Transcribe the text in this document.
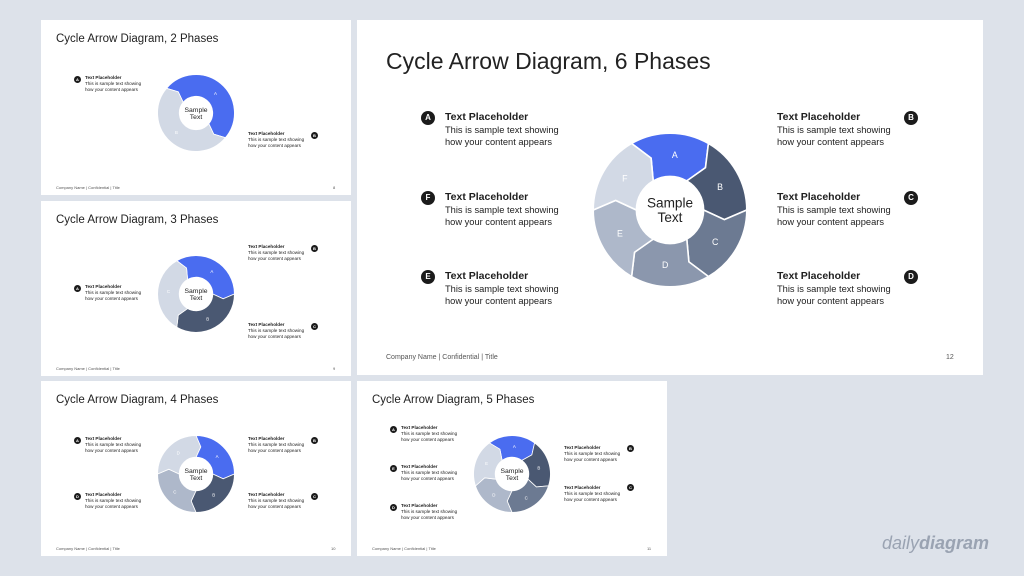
Cycle Arrow Diagram, 2 Phases
A
B
Sample
Text
A	Text Placeholder
This is sample text showing
how your content appears
B
Text Placeholder
This is sample text showing
how your content appears
Company Name | Confidential | Title	8
Cycle Arrow Diagram, 3 Phases
A
B
C Sample
Text
A	Text Placeholder
This is sample text showing
how your content appears
B
Text Placeholder
This is sample text showing
how your content appears
C
Text Placeholder
This is sample text showing
how your content appears
Company Name | Confidential | Title	9
Cycle Arrow Diagram, 4 Phases
A
B
C
D
Sample
Text
A	Text Placeholder
This is sample text showing
how your content appears
B
Text Placeholder
This is sample text showing
how your content appears
C
Text Placeholder
This is sample text showing
how your content appears
D	Text Placeholder
This is sample text showing
how your content appears
Company Name | Confidential | Title	10
Cycle Arrow Diagram, 5 Phases
A
B
C
D
E
Sample
Text
A	Text Placeholder
This is sample text showing
how your content appears
B
Text Placeholder
This is sample text showing
how your content appears
C
Text Placeholder
This is sample text showing
how your content appears
D	Text Placeholder
This is sample text showing
how your content appears
E	Text Placeholder
This is sample text showing
how your content appears
Company Name | Confidential | Title	11
Cycle Arrow Diagram, 6 Phases
A
B
C
D
E
F
Sample
Text
A	Text Placeholder
This is sample text showing
how your content appears
B
Text Placeholder
This is sample text showing
how your content appears
C
Text Placeholder
This is sample text showing
how your content appears
D
Text Placeholder
This is sample text showing
how your content appears
E	Text Placeholder
This is sample text showing
how your content appears
F	Text Placeholder
This is sample text showing
how your content appears
Company Name | Confidential | Title	12
dailydiagram
